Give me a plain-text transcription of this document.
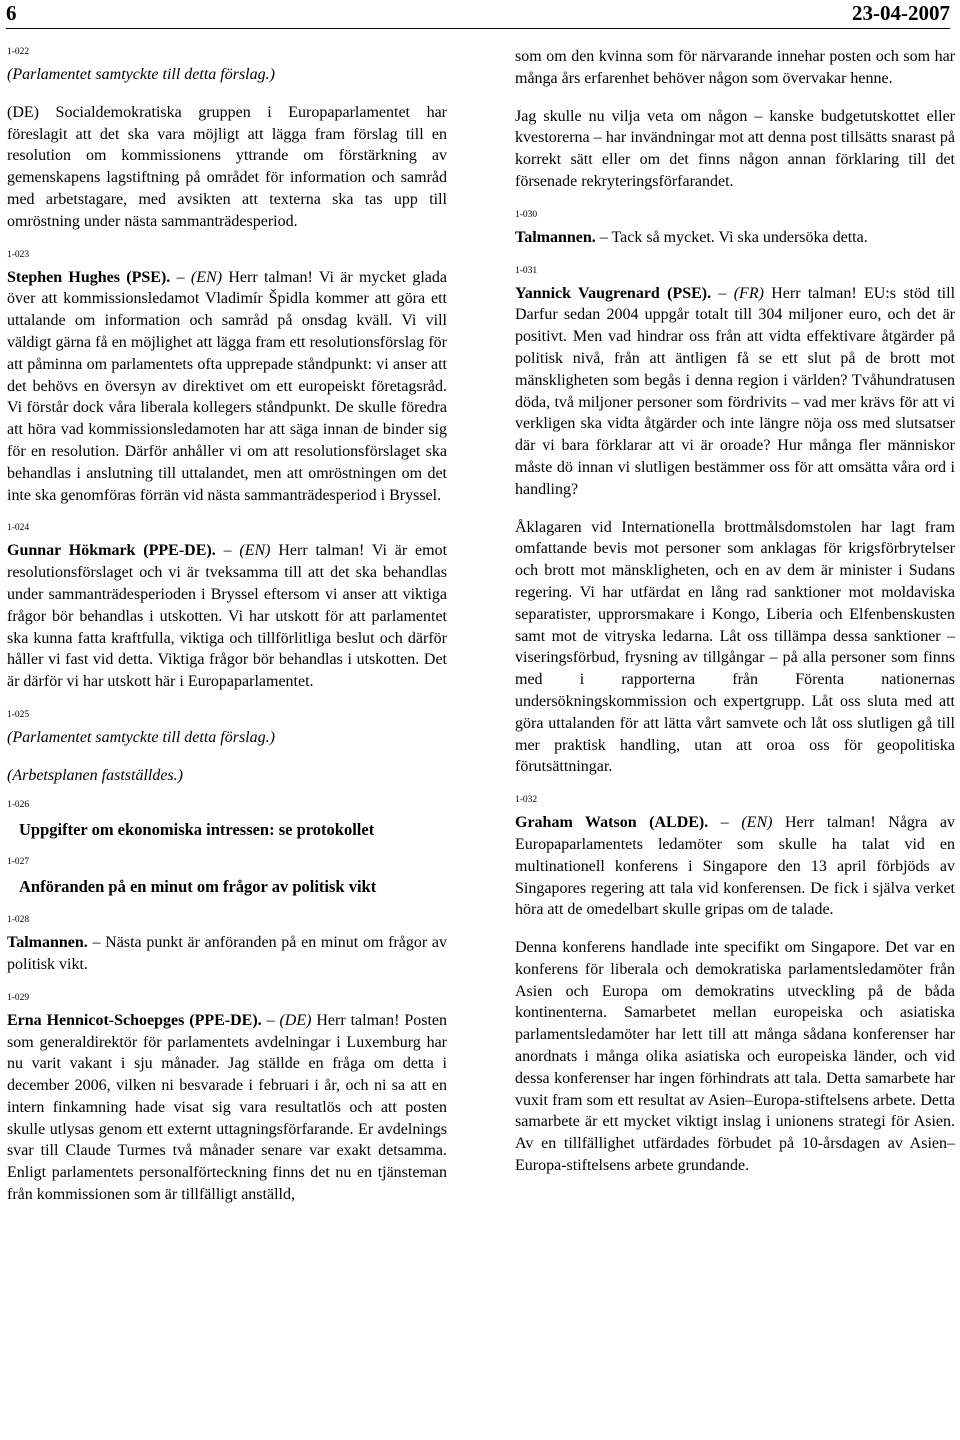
6	23-04-2007
1-022
(Parlamentet samtyckte till detta förslag.)
(DE) Socialdemokratiska gruppen i Europaparlamentet har föreslagit att det ska vara möjligt att lägga fram förslag till en resolution om kommissionens yttrande om förstärkning av gemenskapens lagstiftning på området för information och samråd med arbetstagare, med avsikten att texterna ska tas upp till omröstning under nästa sammanträdesperiod.
1-023
Stephen Hughes (PSE). – (EN) Herr talman! Vi är mycket glada över att kommissionsledamot Vladimír Špidla kommer att göra ett uttalande om information och samråd på onsdag kväll. Vi vill väldigt gärna få en möjlighet att lägga fram ett resolutionsförslag för att påminna om parlamentets ofta upprepade ståndpunkt: vi anser att det behövs en översyn av direktivet om ett europeiskt företagsråd. Vi förstår dock våra liberala kollegers ståndpunkt. De skulle föredra att höra vad kommissionsledamoten har att säga innan de binder sig för en resolution. Därför anhåller vi om att resolutionsförslaget ska behandlas i anslutning till uttalandet, men att omröstningen om det inte ska genomföras förrän vid nästa sammanträdesperiod i Bryssel.
1-024
Gunnar Hökmark (PPE-DE). – (EN) Herr talman! Vi är emot resolutionsförslaget och vi är tveksamma till att det ska behandlas under sammanträdesperioden i Bryssel eftersom vi anser att viktiga frågor bör behandlas i utskotten. Vi har utskott för att parlamentet ska kunna fatta kraftfulla, viktiga och tillförlitliga beslut och därför håller vi fast vid detta. Viktiga frågor bör behandlas i utskotten. Det är därför vi har utskott här i Europaparlamentet.
1-025
(Parlamentet samtyckte till detta förslag.)
(Arbetsplanen fastställdes.)
1-026
Uppgifter om ekonomiska intressen: se protokollet
1-027
Anföranden på en minut om frågor av politisk vikt
1-028
Talmannen. – Nästa punkt är anföranden på en minut om frågor av politisk vikt.
1-029
Erna Hennicot-Schoepges (PPE-DE). – (DE) Herr talman! Posten som generaldirektör för parlamentets avdelningar i Luxemburg har nu varit vakant i sju månader. Jag ställde en fråga om detta i december 2006, vilken ni besvarade i februari i år, och ni sa att en intern finkamning hade visat sig vara resultatlös och att posten skulle utlysas genom ett externt uttagningsförfarande. Er avdelnings svar till Claude Turmes två månader senare var exakt detsamma. Enligt parlamentets personalförteckning finns det nu en tjänsteman från kommissionen som är tillfälligt anställd,
som om den kvinna som för närvarande innehar posten och som har många års erfarenhet behöver någon som övervakar henne.
Jag skulle nu vilja veta om någon – kanske budgetutskottet eller kvestorerna – har invändningar mot att denna post tillsätts snarast på korrekt sätt eller om det finns någon annan förklaring till det försenade rekryteringsförfarandet.
1-030
Talmannen. – Tack så mycket. Vi ska undersöka detta.
1-031
Yannick Vaugrenard (PSE). – (FR) Herr talman! EU:s stöd till Darfur sedan 2004 uppgår totalt till 304 miljoner euro, och det är positivt. Men vad hindrar oss från att vidta effektivare åtgärder på politisk nivå, från att äntligen få se ett slut på de brott mot mänskligheten som begås i denna region i världen? Tvåhundratusen döda, två miljoner personer som fördrivits – vad mer krävs för att vi verkligen ska vidta åtgärder och inte längre nöja oss med slutsatser där vi bara förklarar att vi är oroade? Hur många fler människor måste dö innan vi slutligen bestämmer oss för att omsätta våra ord i handling?
Åklagaren vid Internationella brottmålsdomstolen har lagt fram omfattande bevis mot personer som anklagas för krigsförbrytelser och brott mot mänskligheten, och en av dem är minister i Sudans regering. Vi har utfärdat en lång rad sanktioner mot moldaviska separatister, upprorsmakare i Kongo, Liberia och Elfenbenskusten samt mot de vitryska ledarna. Låt oss tillämpa dessa sanktioner – viseringsförbud, frysning av tillgångar – på alla personer som finns med i rapporterna från Förenta nationernas undersökningskommission och expertgrupp. Låt oss sluta med att göra uttalanden för att lätta vårt samvete och låt oss slutligen gå till mer praktisk handling, utan att oroa oss för geopolitiska förutsättningar.
1-032
Graham Watson (ALDE). – (EN) Herr talman! Några av Europaparlamentets ledamöter som skulle ha talat vid en multinationell konferens i Singapore den 13 april förbjöds av Singapores regering att tala vid konferensen. De fick i själva verket höra att de omedelbart skulle gripas om de talade.
Denna konferens handlade inte specifikt om Singapore. Det var en konferens för liberala och demokratiska parlamentsledamöter från Asien och Europa om demokratins utveckling på de båda kontinenterna. Samarbetet mellan europeiska och asiatiska parlamentsledamöter har lett till att många sådana konferenser har anordnats i många olika asiatiska och europeiska länder, och vid dessa konferenser har ingen förhindrats att tala. Detta samarbete har vuxit fram som ett resultat av Asien–Europa-stiftelsens arbete. Detta samarbete är ett mycket viktigt inslag i unionens strategi för Asien. Av en tillfällighet utfärdades förbudet på 10-årsdagen av Asien–Europa-stiftelsens arbete grundande.
